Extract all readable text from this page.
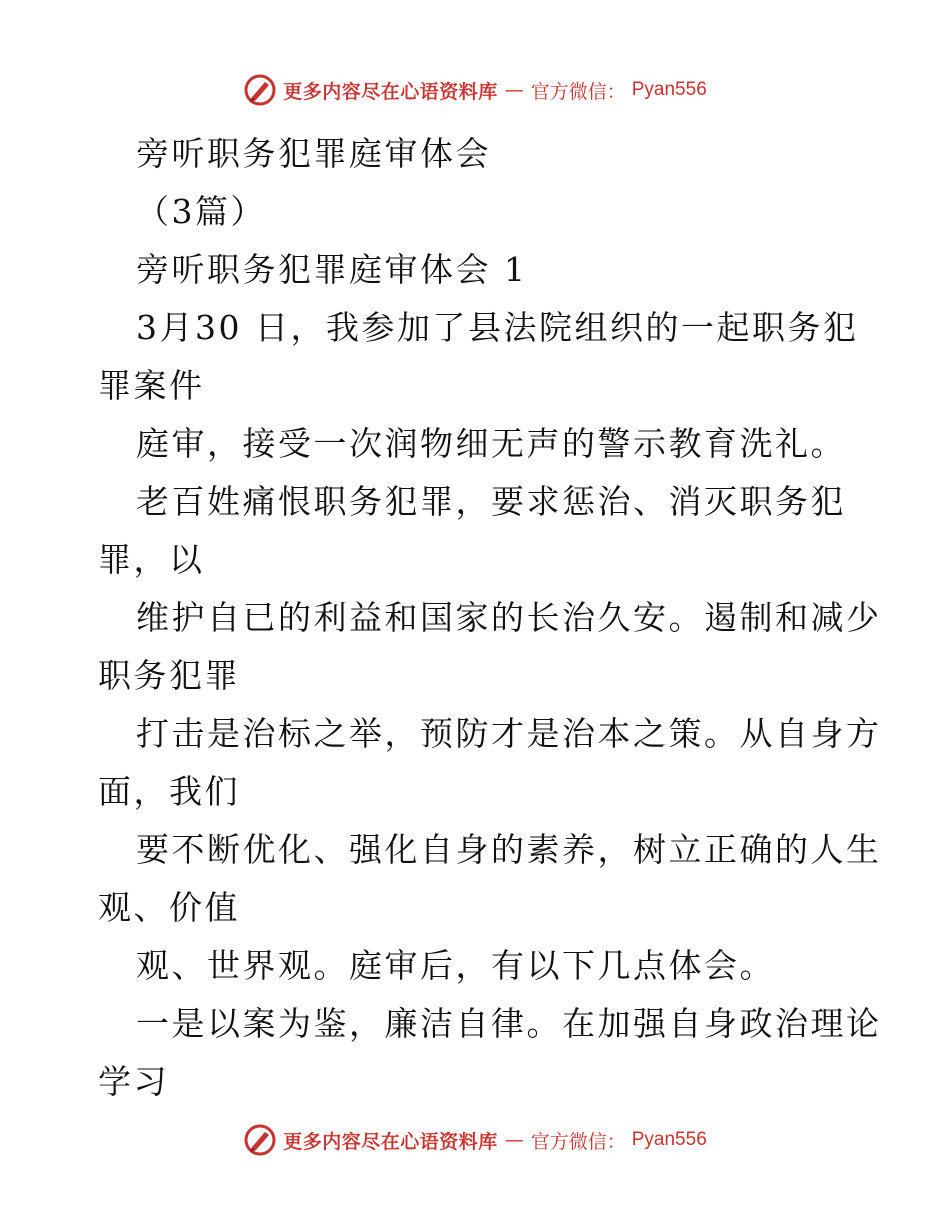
更多内容尽在心语资料库 — 官方微信： Pyan556
旁听职务犯罪庭审体会
（3篇）
旁听职务犯罪庭审体会 1
3月30 日，我参加了县法院组织的一起职务犯
罪案件
庭审，接受一次润物细无声的警示教育洗礼。
老百姓痛恨职务犯罪，要求惩治、消灭职务犯
罪，以
维护自已的利益和国家的长治久安。遏制和减少
职务犯罪
打击是治标之举，预防才是治本之策。从自身方
面，我们
要不断优化、强化自身的素养，树立正确的人生
观、价值
观、世界观。庭审后，有以下几点体会。
一是以案为鉴，廉洁自律。在加强自身政治理论
学习
更多内容尽在心语资料库 — 官方微信： Pyan556
